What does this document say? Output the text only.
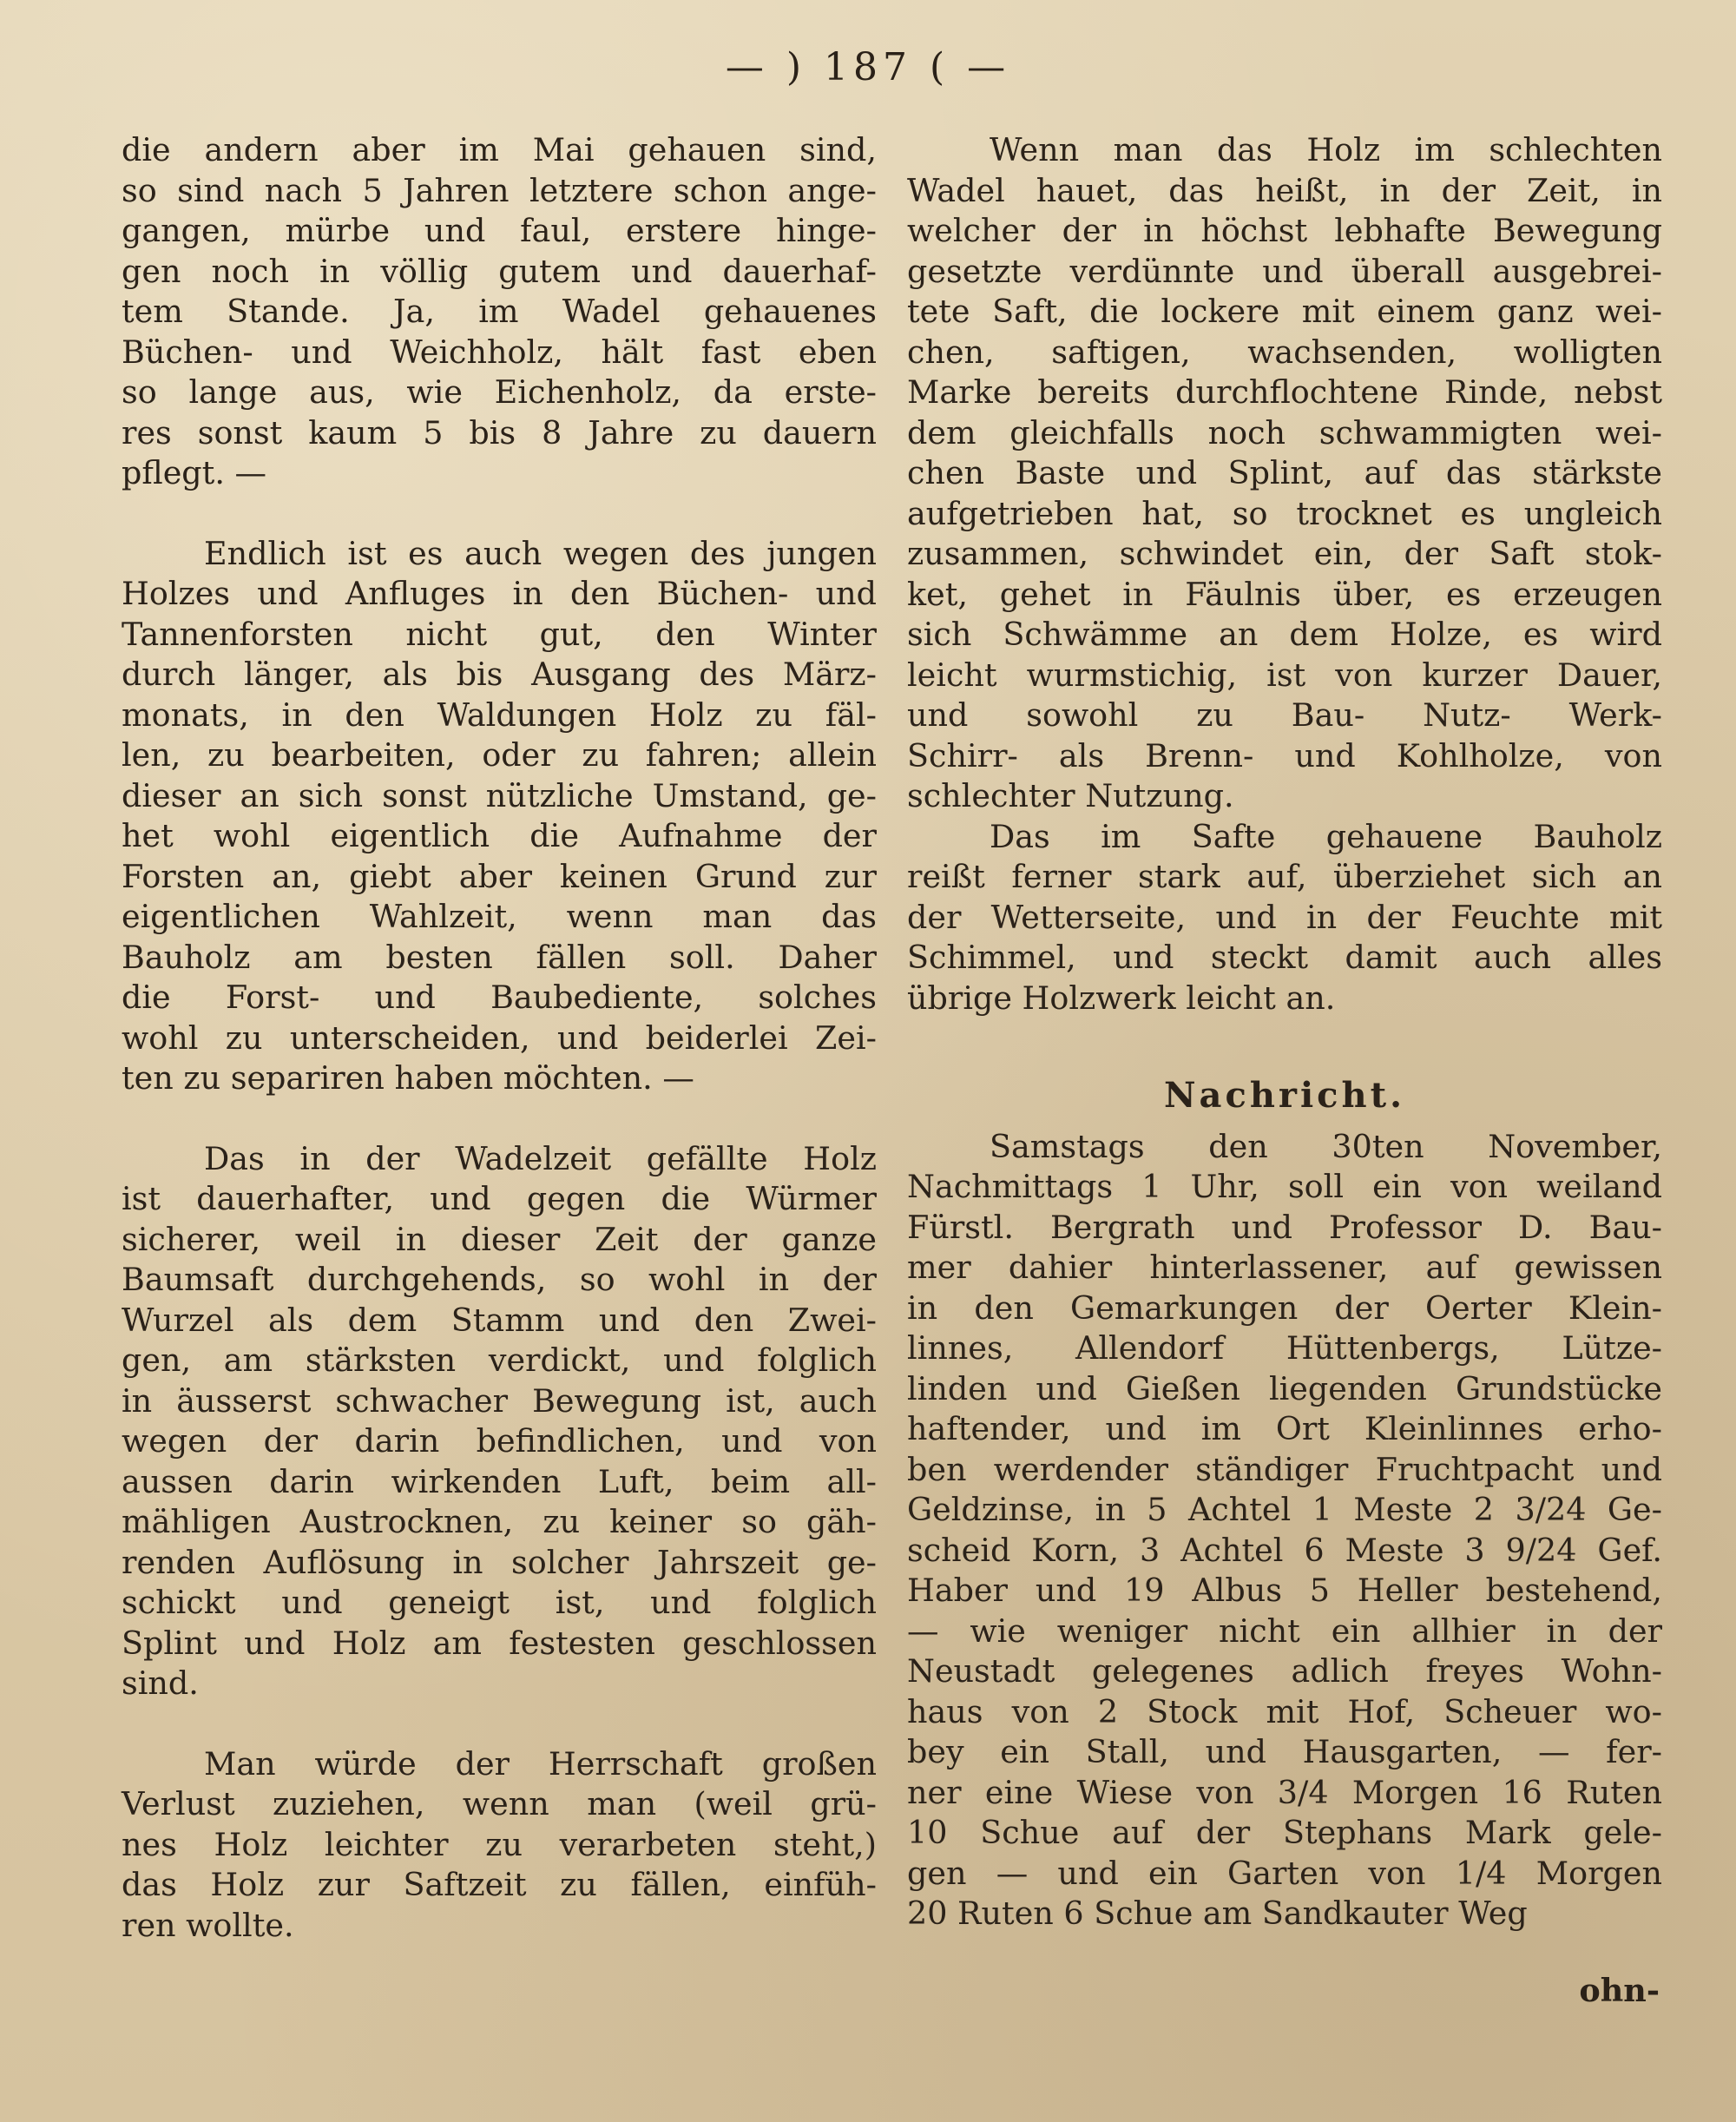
— ) 187 ( —
die andern aber im Mai gehauen sind,
so sind nach 5 Jahren letztere schon ange-
gangen, mürbe und faul, erstere hinge-
gen noch in völlig gutem und dauerhaf-
tem Stande. Ja, im Wadel gehauenes
Büchen- und Weichholz, hält fast eben
so lange aus, wie Eichenholz, da erste-
res sonst kaum 5 bis 8 Jahre zu dauern
pflegt. —
Endlich ist es auch wegen des jungen
Holzes und Anfluges in den Büchen- und
Tannenforsten nicht gut, den Winter
durch länger, als bis Ausgang des März-
monats, in den Waldungen Holz zu fäl-
len, zu bearbeiten, oder zu fahren; allein
dieser an sich sonst nützliche Umstand, ge-
het wohl eigentlich die Aufnahme der
Forsten an, giebt aber keinen Grund zur
eigentlichen Wahlzeit, wenn man das
Bauholz am besten fällen soll. Daher
die Forst- und Baubediente, solches
wohl zu unterscheiden, und beiderlei Zei-
ten zu separiren haben möchten. —
Das in der Wadelzeit gefällte Holz
ist dauerhafter, und gegen die Würmer
sicherer, weil in dieser Zeit der ganze
Baumsaft durchgehends, so wohl in der
Wurzel als dem Stamm und den Zwei-
gen, am stärksten verdickt, und folglich
in äusserst schwacher Bewegung ist, auch
wegen der darin befindlichen, und von
aussen darin wirkenden Luft, beim all-
mähligen Austrocknen, zu keiner so gäh-
renden Auflösung in solcher Jahrszeit ge-
schickt und geneigt ist, und folglich
Splint und Holz am festesten geschlossen
sind.
Man würde der Herrschaft großen
Verlust zuziehen, wenn man (weil grü-
nes Holz leichter zu verarbeten steht,)
das Holz zur Saftzeit zu fällen, einfüh-
ren wollte.
Wenn man das Holz im schlechten
Wadel hauet, das heißt, in der Zeit, in
welcher der in höchst lebhafte Bewegung
gesetzte verdünnte und überall ausgebrei-
tete Saft, die lockere mit einem ganz wei-
chen, saftigen, wachsenden, wolligten
Marke bereits durchflochtene Rinde, nebst
dem gleichfalls noch schwammigten wei-
chen Baste und Splint, auf das stärkste
aufgetrieben hat, so trocknet es ungleich
zusammen, schwindet ein, der Saft stok-
ket, gehet in Fäulnis über, es erzeugen
sich Schwämme an dem Holze, es wird
leicht wurmstichig, ist von kurzer Dauer,
und sowohl zu Bau- Nutz- Werk-
Schirr- als Brenn- und Kohlholze, von
schlechter Nutzung.
Das im Safte gehauene Bauholz
reißt ferner stark auf, überziehet sich an
der Wetterseite, und in der Feuchte mit
Schimmel, und steckt damit auch alles
übrige Holzwerk leicht an.
Nachricht.
Samstags den 30ten November,
Nachmittags 1 Uhr, soll ein von weiland
Fürstl. Bergrath und Professor D. Bau-
mer dahier hinterlassener, auf gewissen
in den Gemarkungen der Oerter Klein-
linnes, Allendorf Hüttenbergs, Lütze-
linden und Gießen liegenden Grundstücke
haftender, und im Ort Kleinlinnes erho-
ben werdender ständiger Fruchtpacht und
Geldzinse, in 5 Achtel 1 Meste 2 3/24 Ge-
scheid Korn, 3 Achtel 6 Meste 3 9/24 Gef.
Haber und 19 Albus 5 Heller bestehend,
— wie weniger nicht ein allhier in der
Neustadt gelegenes adlich freyes Wohn-
haus von 2 Stock mit Hof, Scheuer wo-
bey ein Stall, und Hausgarten, — fer-
ner eine Wiese von 3/4 Morgen 16 Ruten
10 Schue auf der Stephans Mark gele-
gen — und ein Garten von 1/4 Morgen
20 Ruten 6 Schue am Sandkauter Weg
ohn-
